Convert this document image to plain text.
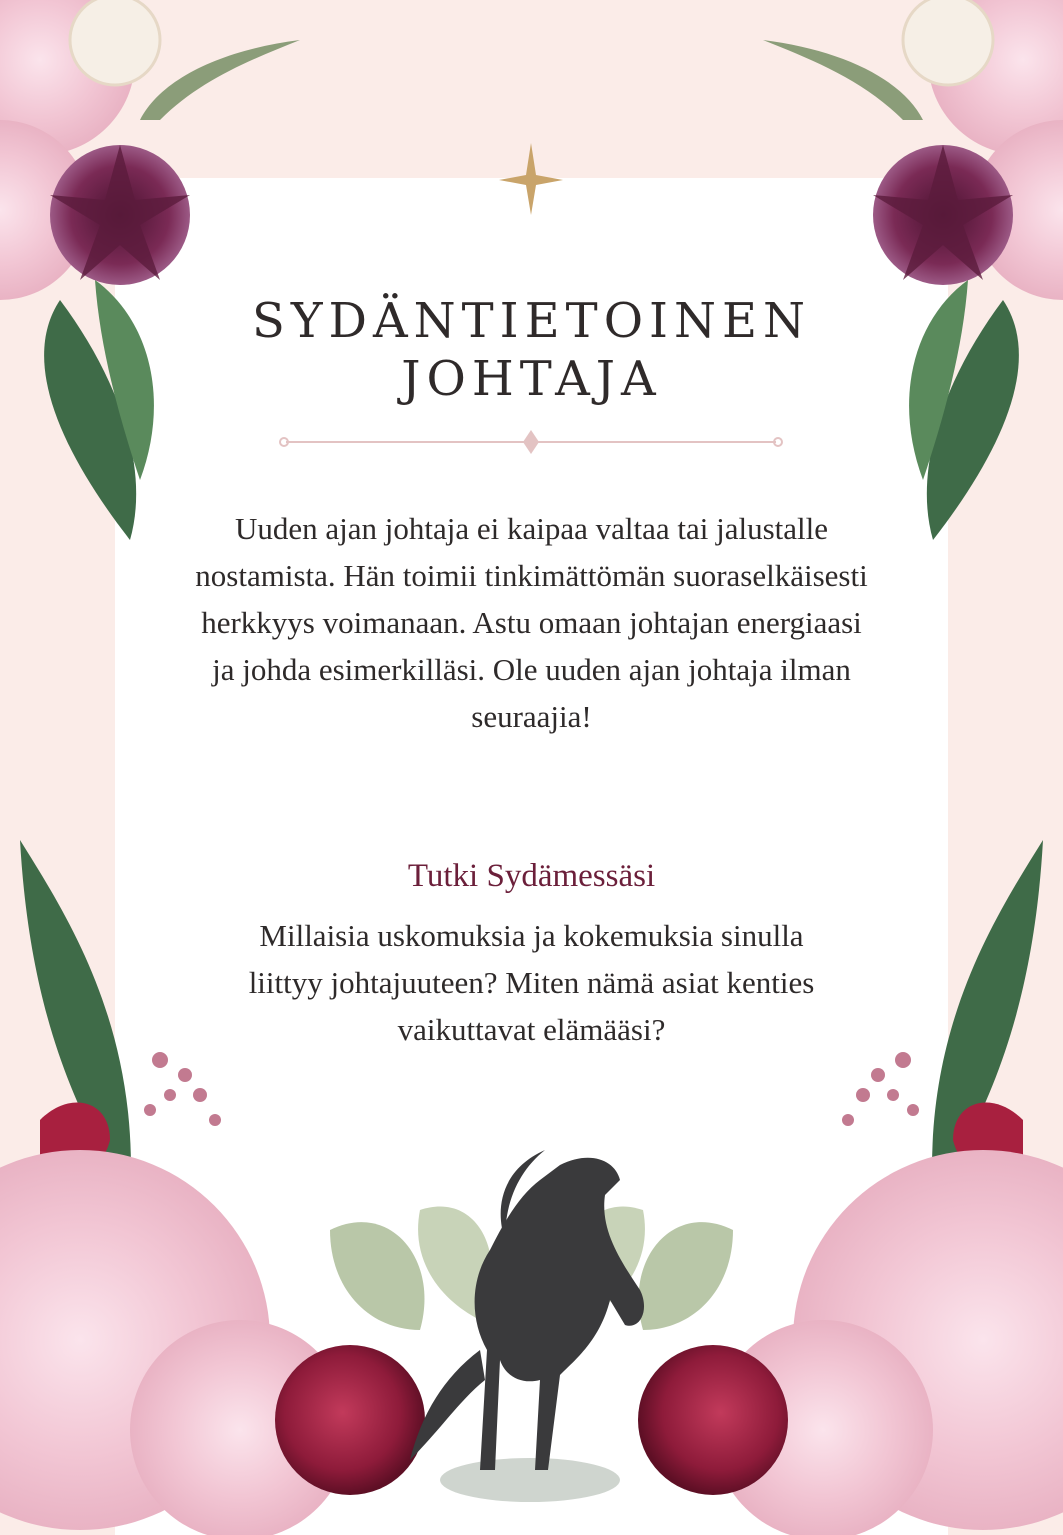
SYDÄNTIETOINEN
JOHTAJA
Uuden ajan johtaja ei kaipaa valtaa tai jalustalle nostamista. Hän toimii tinkimättömän suoraselkäisesti herkkyys voimanaan. Astu omaan johtajan energiaasi ja johda esimerkilläsi. Ole uuden ajan johtaja ilman seuraajia!
Tutki Sydämessäsi
Millaisia uskomuksia ja kokemuksia sinulla liittyy johtajuuteen? Miten nämä asiat kenties vaikuttavat elämääsi?
